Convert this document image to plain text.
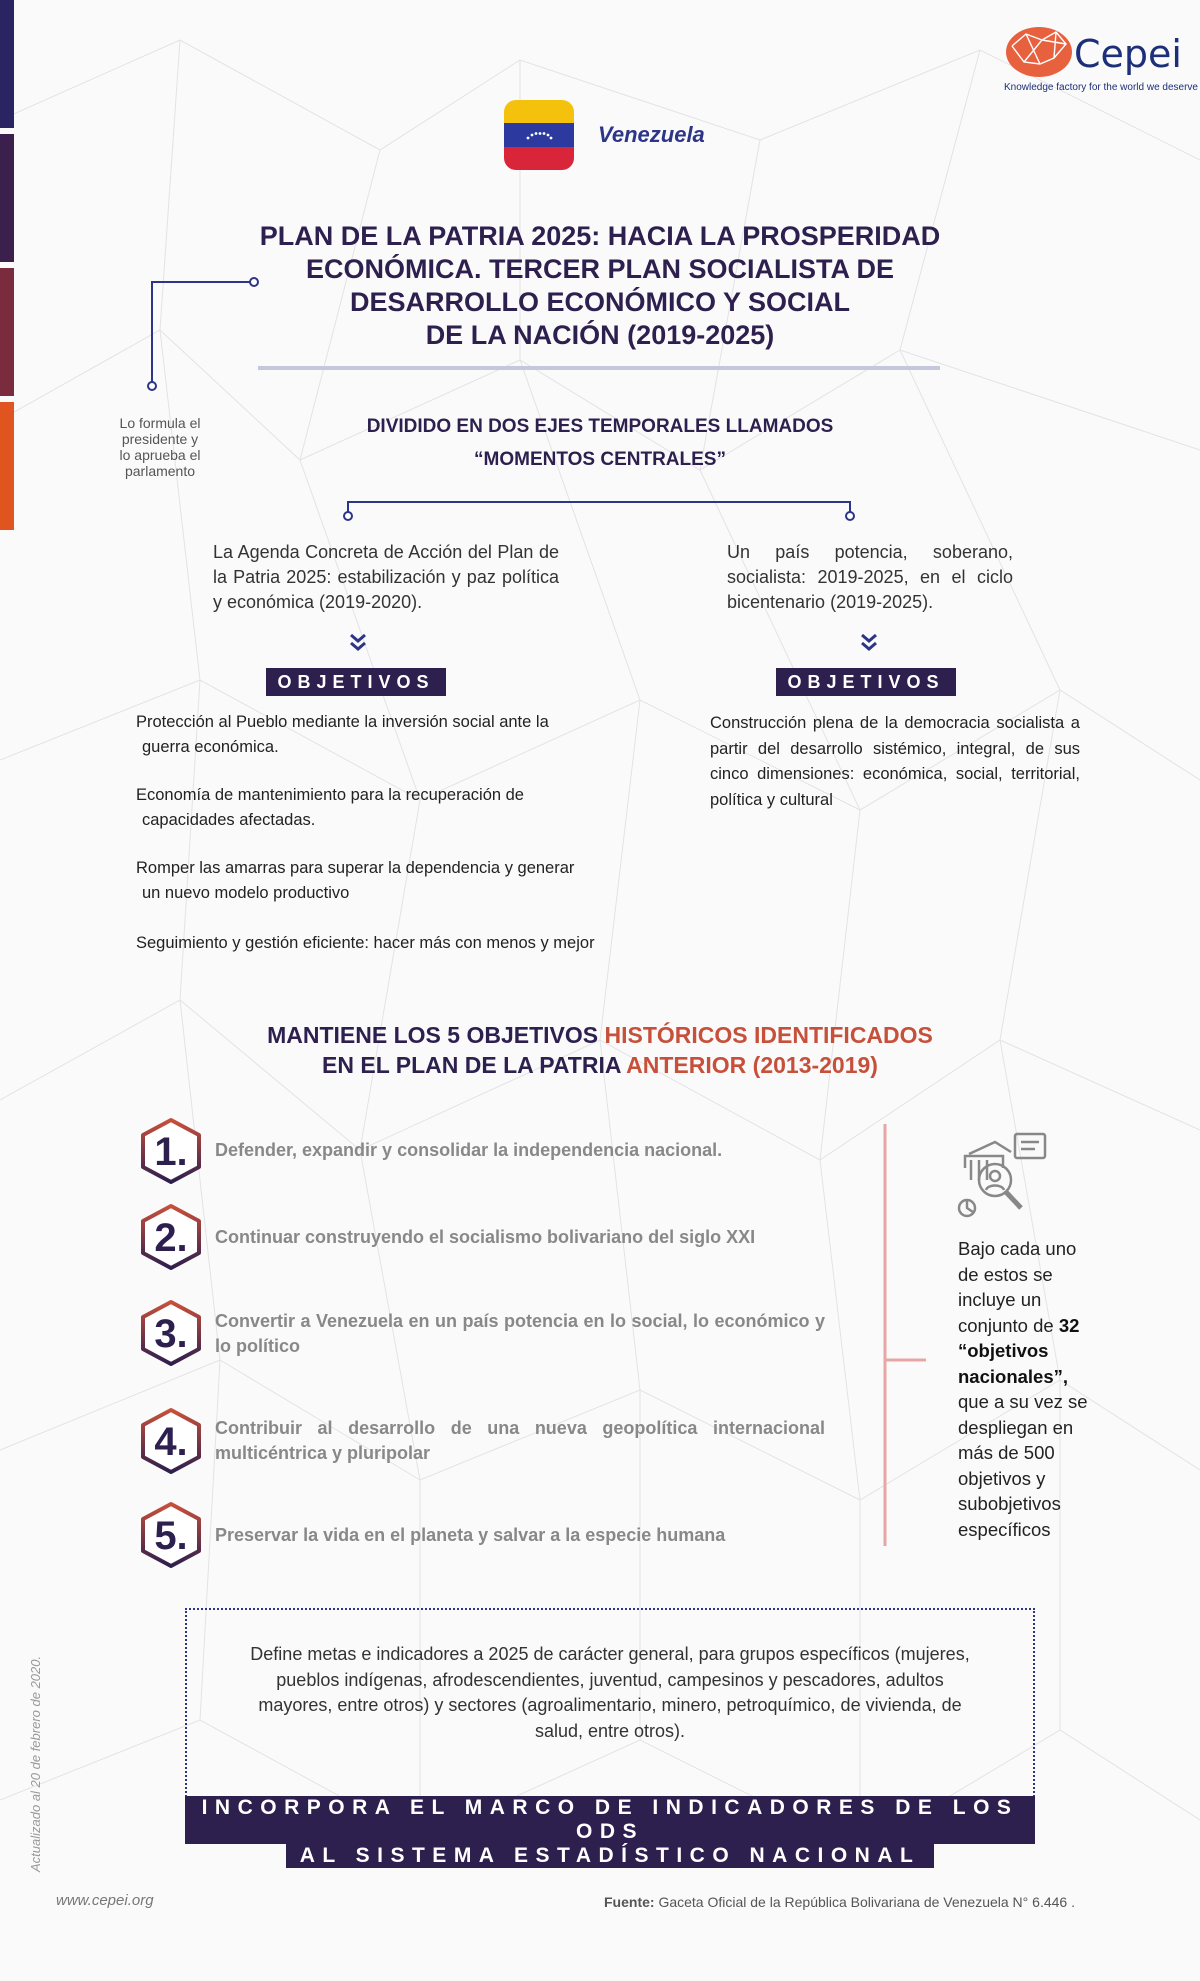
Cepei
Knowledge factory for the world we deserve
Venezuela
PLAN DE LA PATRIA 2025: HACIA LA PROSPERIDAD
ECONÓMICA. TERCER PLAN SOCIALISTA DE
DESARROLLO ECONÓMICO Y SOCIAL
DE LA NACIÓN (2019-2025)
Lo formula el
presidente y
lo aprueba el
parlamento
DIVIDIDO EN DOS EJES TEMPORALES LLAMADOS
“MOMENTOS CENTRALES”
La Agenda Concreta de Acción del Plan de la Patria 2025: estabilización y paz política y económica (2019-2020).
Un país potencia, soberano, socialista: 2019-2025, en el ciclo bicentenario (2019-2025).
OBJETIVOS	OBJETIVOS
Protección al Pueblo mediante la inversión social ante la
guerra económica.
Economía de mantenimiento para la recuperación de
capacidades afectadas.
Romper las amarras para superar la dependencia y generar
un nuevo modelo productivo
Seguimiento y gestión eficiente: hacer más con menos y mejor
Construcción plena de la democracia socialista a partir del desarrollo sistémico, integral, de sus cinco dimensiones: económica, social, territorial, política y cultural
MANTIENE LOS 5 OBJETIVOS HISTÓRICOS IDENTIFICADOS
EN EL PLAN DE LA PATRIA ANTERIOR (2013-2019)
1.	Defender, expandir y consolidar la independencia nacional.
2.	Continuar construyendo el socialismo bolivariano del siglo XXI
3.	Convertir a Venezuela en un país potencia en lo social, lo económico y lo político
4.	Contribuir al desarrollo de una nueva geopolítica internacional multicéntrica y pluripolar
5.	Preservar la vida en el planeta y salvar a la especie humana
Bajo cada uno de estos se incluye un conjunto de 32 “objetivos nacionales”, que a su vez se despliegan en más de 500 objetivos y subobjetivos específicos
Actualizado al 20 de febrero de 2020.
Define metas e indicadores a 2025 de carácter general, para grupos específicos (mujeres, pueblos indígenas, afrodescendientes, juventud, campesinos y pescadores, adultos mayores, entre otros) y sectores (agroalimentario, minero, petroquímico, de vivienda, de salud, entre otros).
INCORPORA EL MARCO DE INDICADORES DE LOS ODS
AL SISTEMA ESTADÍSTICO NACIONAL
www.cepei.org	Fuente: Gaceta Oficial de la República Bolivariana de Venezuela N° 6.446 .
